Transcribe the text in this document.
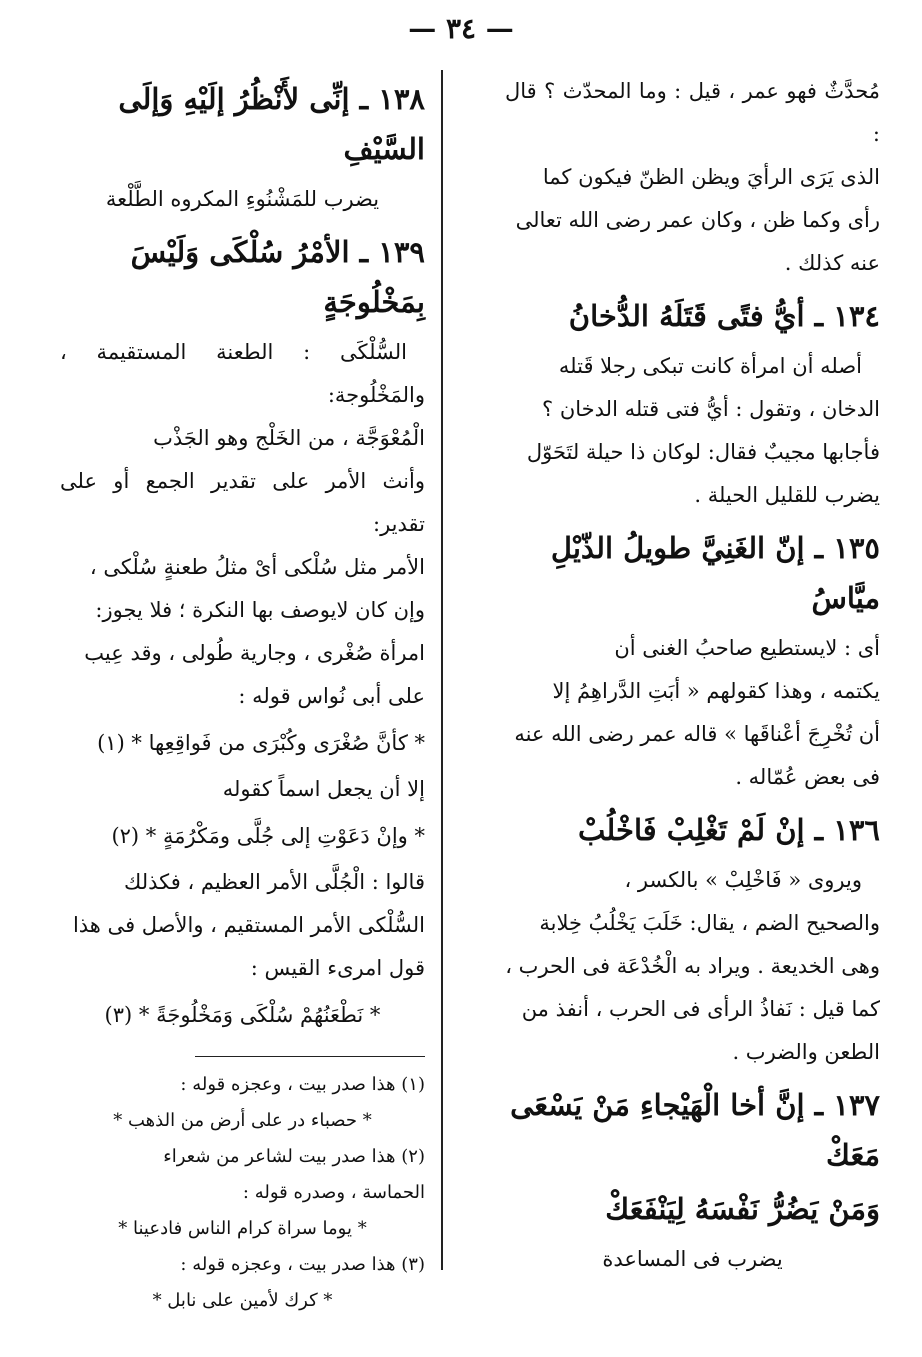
— ٣٤ —

مُحدَّثٌ فهو عمر ، قيل : وما المحدّث ؟ قال :

الذى يَرَى الرأيَ ويظن الظنّ فيكون كما

رأى وكما ظن ، وكان عمر رضى الله تعالى

عنه كذلك .

١٣٤ ـ أيُّ فتًى قَتَلَهُ الدُّخانُ

أصله أن امرأة كانت تبكى رجلا قَتله

الدخان ، وتقول : أيُّ فتى قتله الدخان ؟

فأجابها مجيبٌ فقال: لوكان ذا حيلة لتَحَوّل

يضرب للقليل الحيلة .

١٣٥ ـ إنّ الغَنِيَّ طويلُ الذّيْلِ ميَّاسُ

أى : لايستطيع صاحبُ الغنى أن

يكتمه ، وهذا كقولهم « أبَتِ الدَّراهِمُ إلا

أن تُخْرِجَ أعْناقَها » قاله عمر رضى الله عنه

فى بعض عُمّاله .

١٣٦ ـ إنْ لَمْ تَغْلِبْ فَاخْلُبْ

ويروى « فَاخْلِبْ » بالكسر ،

والصحيح الضم ، يقال: خَلَبَ يَخْلُبُ خِلابة

وهى الخديعة . ويراد به الْخُدْعَة فى الحرب ،

كما قيل : نَفاذُ الرأى فى الحرب ، أنفذ من

الطعن والضرب .

١٣٧ ـ إنَّ أخا الْهَيْجاءِ مَنْ يَسْعَى مَعَكْ
وَمَنْ يَضُرُّ نَفْسَهُ لِيَنْفَعَكْ

يضرب فى المساعدة

١٣٨ ـ إنِّى لأَنْظُرُ إلَيْهِ وَإلَى السَّيْفِ

يضرب للمَشْنُوءِ المكروه الطَّلْعة

١٣٩ ـ الأمْرُ سُلْكَى وَلَيْسَ بِمَخْلُوجَةٍ

السُّلْكَى : الطعنة المستقيمة ، والمَخْلُوجة:

الْمُعْوَجَّة ، من الخَلْج وهو الجَذْب

وأنث الأمر على تقدير الجمع أو على تقدير:

الأمر مثل سُلْكى أىْ مثلُ طعنةٍ سُلْكى ،

وإن كان لايوصف بها النكرة ؛ فلا يجوز:

امرأة صُغْرى ، وجارية طُولى ، وقد عِيب

على أبى نُواس قوله :

* كأنَّ صُغْرَى وكُبْرَى من فَواقِعِها * (١)

إلا أن يجعل اسماً كقوله

* وإنْ دَعَوْتِ إلى جُلَّى ومَكْرُمَةٍ * (٢)

قالوا : الْجُلَّى الأمر العظيم ، فكذلك

السُّلْكى الأمر المستقيم ، والأصل فى هذا

قول امرىء القيس :

* نَطْعَنُهُمْ سُلْكَى وَمَخْلُوجَةً * (٣)

(١) هذا صدر بيت ، وعجزه قوله :

* حصباء در على أرض من الذهب *

(٢) هذا صدر بيت لشاعر من شعراء

الحماسة ، وصدره قوله :

* يوما سراة كرام الناس فادعينا *

(٣) هذا صدر بيت ، وعجزه قوله :

* كرك لأمين على نابل *
